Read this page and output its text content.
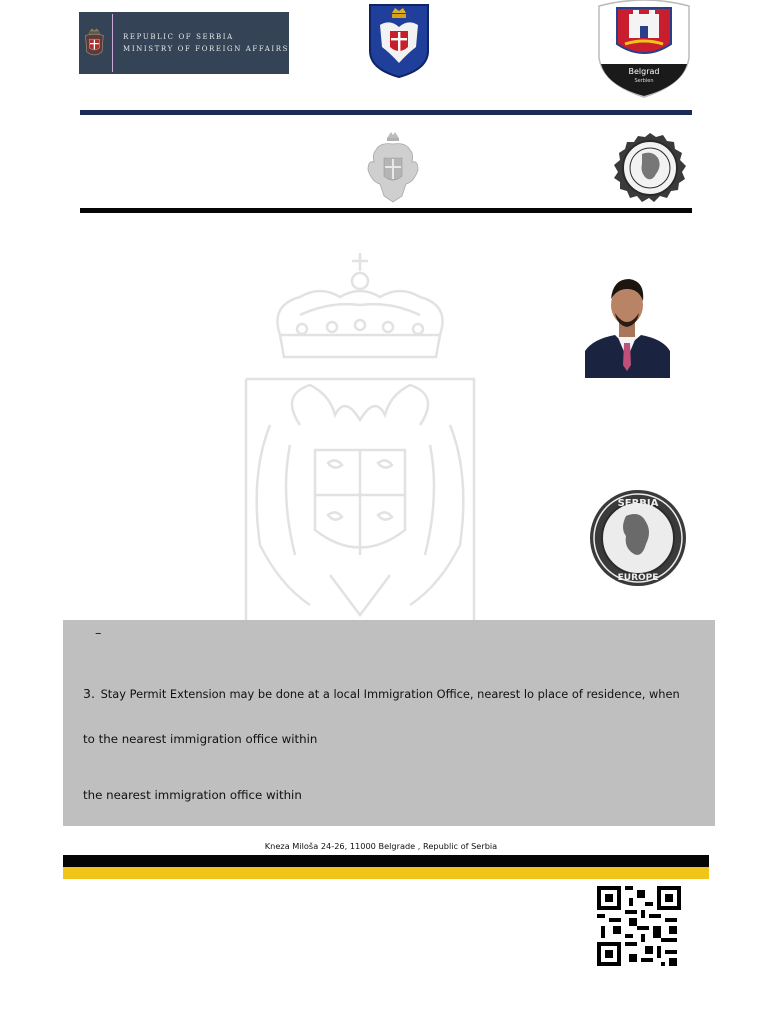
REPUBLIC OF SERBIA
MINISTRY OF FOREIGN AFFAIRS
Belgrad
Serbien
SERBIA
EUROPE
–
3. Stay Permit Extension may be done at a local Immigration Office, nearest lo place of residence, when
to the nearest immigration office within
the nearest immigration office within
Kneza Miloša 24-26, 11000 Belgrade , Republic of Serbia
